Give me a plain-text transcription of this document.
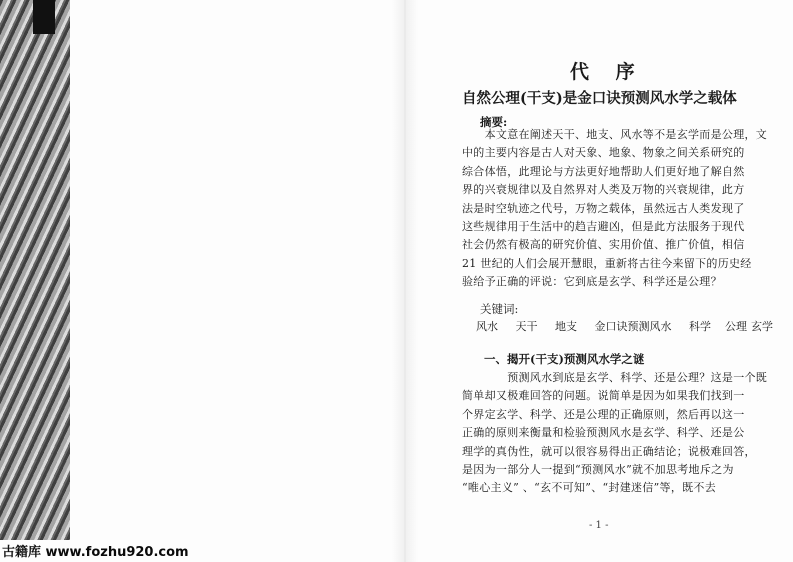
代 序
自然公理(干支)是金口诀预测风水学之载体
摘要:
　　本文意在阐述天干、地支、风水等不是玄学而是公理，文
中的主要内容是古人对天象、地象、物象之间关系研究的
综合体悟，此理论与方法更好地帮助人们更好地了解自然
界的兴衰规律以及自然界对人类及万物的兴衰规律，此方
法是时空轨迹之代号，万物之载体，虽然远古人类发现了
这些规律用于生活中的趋吉避凶，但是此方法服务于现代
社会仍然有极高的研究价值、实用价值、推广价值，相信
21 世纪的人们会展开慧眼，重新将古往今来留下的历史经
验给予正确的评说：它到底是玄学、科学还是公理？
关键词:
风水 天干 地支 金口诀预测风水 科学 公理 玄学
一、揭开(干支)预测风水学之谜
　　　　预测风水到底是玄学、科学、还是公理？这是一个既
简单却又极难回答的问题。说简单是因为如果我们找到一
个界定玄学、科学、还是公理的正确原则，然后再以这一
正确的原则来衡量和检验预测风水是玄学、科学、还是公
理学的真伪性，就可以很容易得出正确结论；说极难回答，
是因为一部分人一提到“预测风水”就不加思考地斥之为
“唯心主义” 、“玄不可知”、“封建迷信”等，既不去
- 1 -
古籍库 www.fozhu920.com
